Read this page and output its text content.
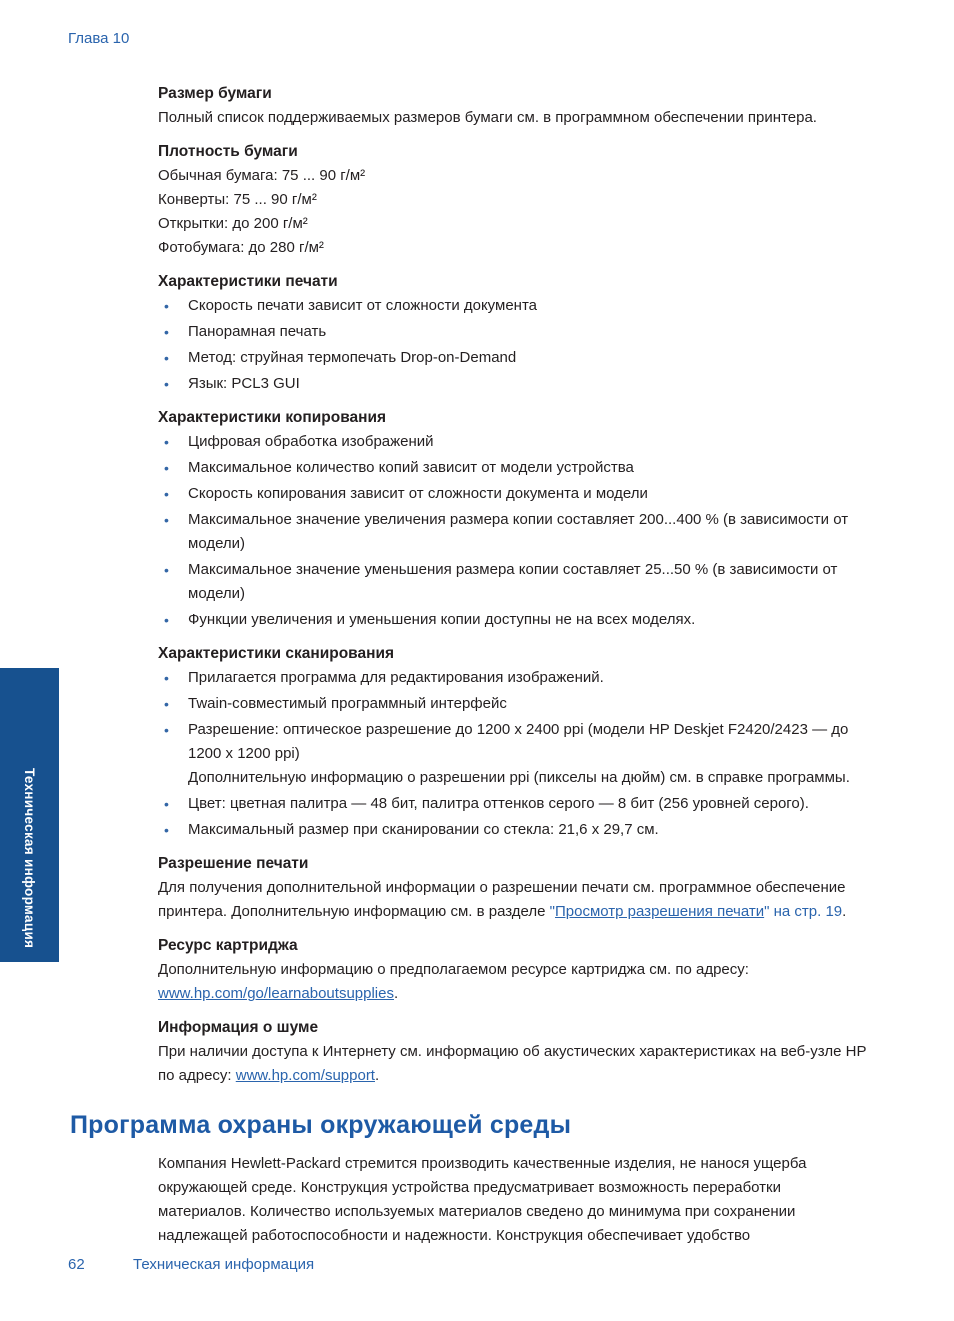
Глава 10
Размер бумаги

Полный список поддерживаемых размеров бумаги см. в программном обеспечении принтера.

Плотность бумаги

Обычная бумага: 75 ... 90 г/м²

Конверты: 75 ... 90 г/м²

Открытки: до 200 г/м²

Фотобумага: до 280 г/м²

Характеристики печати
• Скорость печати зависит от сложности документа
• Панорамная печать
• Метод: струйная термопечать Drop-on-Demand
• Язык: PCL3 GUI
Характеристики копирования
• Цифровая обработка изображений
• Максимальное количество копий зависит от модели устройства
• Скорость копирования зависит от сложности документа и модели
• Максимальное значение увеличения размера копии составляет 200...400 % (в зависимости от модели)
• Максимальное значение уменьшения размера копии составляет 25...50 % (в зависимости от модели)
• Функции увеличения и уменьшения копии доступны не на всех моделях.
Характеристики сканирования
• Прилагается программа для редактирования изображений.
• Twain-совместимый программный интерфейс

• Разрешение: оптическое разрешение до 1200 x 2400 ppi (модели HP Deskjet F2420/2423 — до 1200 x 1200 ppi)

Дополнительную информацию о разрешении ppi (пикселы на дюйм) см. в справке программы.

• Цвет: цветная палитра — 48 бит, палитра оттенков серого — 8 бит (256 уровней серого).
• Максимальный размер при сканировании со стекла: 21,6 x 29,7 см.
Разрешение печати

Для получения дополнительной информации о разрешении печати см. программное обеспечение принтера. Дополнительную информацию см. в разделе "Просмотр разрешения печати" на стр. 19.

Ресурс картриджа

Дополнительную информацию о предполагаемом ресурсе картриджа см. по адресу: www.hp.com/go/learnaboutsupplies.

Информация о шуме

При наличии доступа к Интернету см. информацию об акустических характеристиках на веб-узле HP по адресу: www.hp.com/support.

Программа охраны окружающей среды

Компания Hewlett-Packard стремится производить качественные изделия, не нанося ущерба окружающей среде. Конструкция устройства предусматривает возможность переработки материалов. Количество используемых материалов сведено до минимума при сохранении надлежащей работоспособности и надежности. Конструкция обеспечивает удобство

Техническая информация
62	Техническая информация
